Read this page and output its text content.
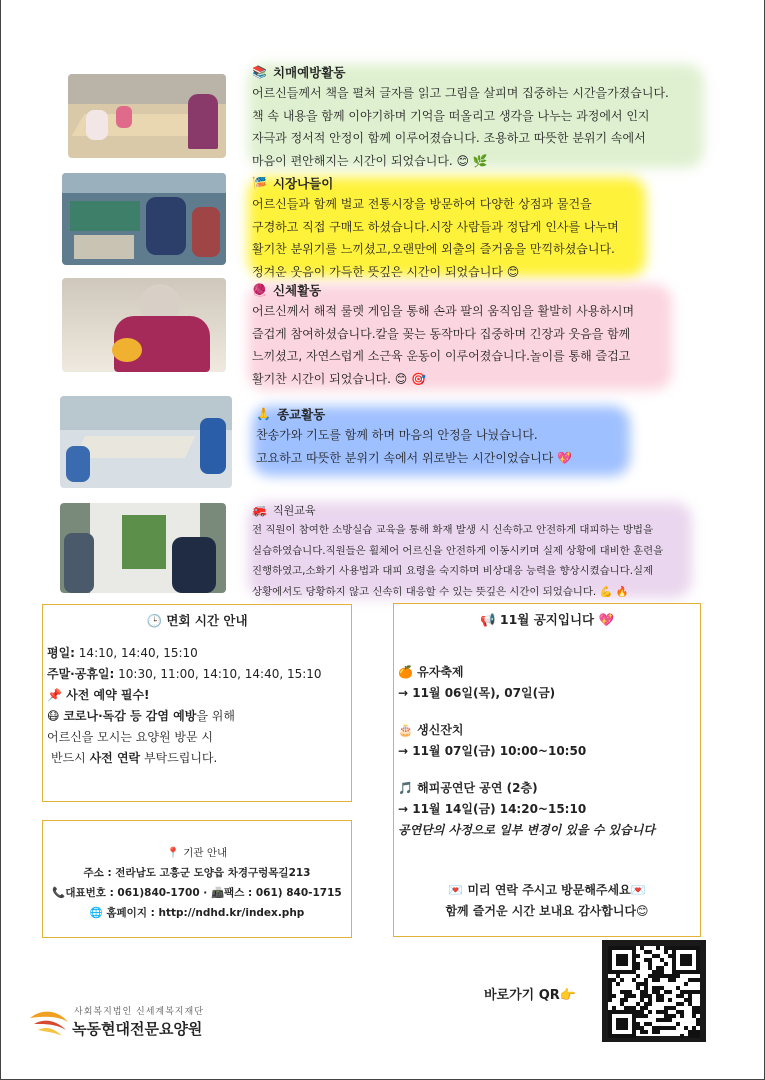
📚 치매예방활동
어르신들께서 책을 펼쳐 글자를 읽고 그림을 살피며 집중하는 시간을가졌습니다.
책 속 내용을 함께 이야기하며 기억을 떠올리고 생각을 나누는 과정에서 인지
자극과 정서적 안정이 함께 이루어졌습니다. 조용하고 따뜻한 분위기 속에서
마음이 편안해지는 시간이 되었습니다. 😊 🌿
🎏 시장나들이
어르신들과 함께 벌교 전통시장을 방문하여 다양한 상점과 물건을
구경하고 직접 구매도 하셨습니다.시장 사람들과 정답게 인사를 나누며
활기찬 분위기를 느끼셨고,오랜만에 외출의 즐거움을 만끽하셨습니다.
정겨운 웃음이 가득한 뜻깊은 시간이 되었습니다 😊
🧶 신체활동
어르신께서 해적 룰렛 게임을 통해 손과 팔의 움직임을 활발히 사용하시며
즐겁게 참여하셨습니다.칼을 꽂는 동작마다 집중하며 긴장과 웃음을 함께
느끼셨고, 자연스럽게 소근육 운동이 이루어졌습니다.놀이를 통해 즐겁고
활기찬 시간이 되었습니다. 😊 🎯
🙏 종교활동
찬송가와 기도를 함께 하며 마음의 안정을 나눴습니다.
고요하고 따뜻한 분위기 속에서 위로받는 시간이었습니다 💖
🚒 직원교육
전 직원이 참여한 소방실습 교육을 통해 화재 발생 시 신속하고 안전하게 대피하는 방법을
실습하였습니다.직원들은 휠체어 어르신을 안전하게 이동시키며 실제 상황에 대비한 훈련을
진행하였고,소화기 사용법과 대피 요령을 숙지하며 비상대응 능력을 향상시켰습니다.실제
상황에서도 당황하지 않고 신속히 대응할 수 있는 뜻깊은 시간이 되었습니다. 💪 🔥
🕒 면회 시간 안내
평일: 14:10, 14:40, 15:10
주말·공휴일: 10:30, 11:00, 14:10, 14:40, 15:10
📌 사전 예약 필수!
😷 코로나·독감 등 감염 예방을 위해
어르신을 모시는 요양원 방문 시
반드시 사전 연락 부탁드립니다.
📢 11월 공지입니다 💖
🍊 유자축제
→ 11월 06일(목), 07일(금)
🎂 생신잔치
→ 11월 07일(금) 10:00~10:50
🎵 해피공연단 공연 (2층)
→ 11월 14일(금) 14:20~15:10
공연단의 사정으로 일부 변경이 있을 수 있습니다
💌 미리 연락 주시고 방문해주세요💌
함께 즐거운 시간 보내요 감사합니다😊
📍 기관 안내
주소 : 전라남도 고흥군 도양읍 차경구렁목길213
📞대표번호 : 061)840-1700 · 📠팩스 : 061) 840-1715
🌐 홈페이지 : http://ndhd.kr/index.php
바로가기 QR👉
사회복지법인 신세계복지재단
녹동현대전문요양원
